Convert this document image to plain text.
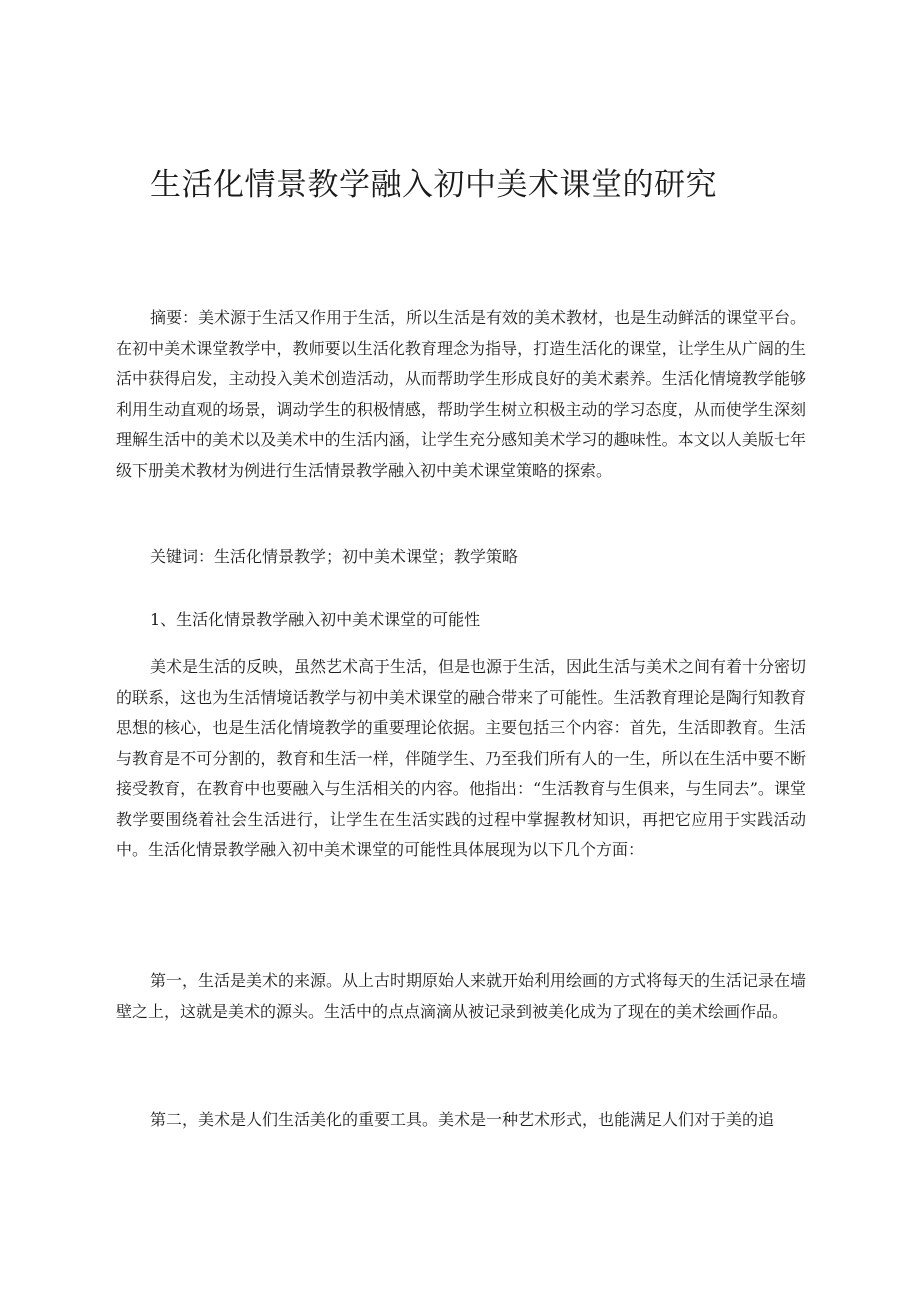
生活化情景教学融入初中美术课堂的研究

摘要：美术源于生活又作用于生活，所以生活是有效的美术教材，也是生动鲜活的课堂平台。在初中美术课堂教学中，教师要以生活化教育理念为指导，打造生活化的课堂，让学生从广阔的生活中获得启发，主动投入美术创造活动，从而帮助学生形成良好的美术素养。生活化情境教学能够利用生动直观的场景，调动学生的积极情感，帮助学生树立积极主动的学习态度，从而使学生深刻理解生活中的美术以及美术中的生活内涵，让学生充分感知美术学习的趣味性。本文以人美版七年级下册美术教材为例进行生活情景教学融入初中美术课堂策略的探索。

关键词：生活化情景教学；初中美术课堂；教学策略

1、生活化情景教学融入初中美术课堂的可能性

美术是生活的反映，虽然艺术高于生活，但是也源于生活，因此生活与美术之间有着十分密切的联系，这也为生活情境话教学与初中美术课堂的融合带来了可能性。生活教育理论是陶行知教育思想的核心，也是生活化情境教学的重要理论依据。主要包括三个内容：首先，生活即教育。生活与教育是不可分割的，教育和生活一样，伴随学生、乃至我们所有人的一生，所以在生活中要不断接受教育，在教育中也要融入与生活相关的内容。他指出：“生活教育与生俱来，与生同去”。课堂教学要围绕着社会生活进行，让学生在生活实践的过程中掌握教材知识，再把它应用于实践活动中。生活化情景教学融入初中美术课堂的可能性具体展现为以下几个方面：

第一，生活是美术的来源。从上古时期原始人来就开始利用绘画的方式将每天的生活记录在墙壁之上，这就是美术的源头。生活中的点点滴滴从被记录到被美化成为了现在的美术绘画作品。

第二，美术是人们生活美化的重要工具。美术是一种艺术形式，也能满足人们对于美的追
